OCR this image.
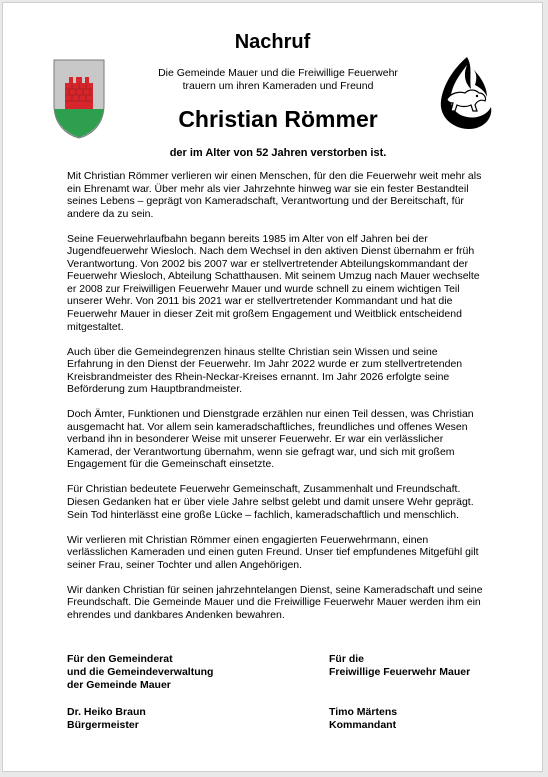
Nachruf
Die Gemeinde Mauer und die Freiwillige Feuerwehr
trauern um ihren Kameraden und Freund
Christian Römmer
der im Alter von 52 Jahren verstorben ist.

Mit Christian Römmer verlieren wir einen Menschen, für den die Feuerwehr weit mehr als ein Ehrenamt war. Über mehr als vier Jahrzehnte hinweg war sie ein fester Bestandteil seines Lebens – geprägt von Kameradschaft, Verantwortung und der Bereitschaft, für andere da zu sein.

Seine Feuerwehrlaufbahn begann bereits 1985 im Alter von elf Jahren bei der Jugendfeuerwehr Wiesloch. Nach dem Wechsel in den aktiven Dienst übernahm er früh Verantwortung. Von 2002 bis 2007 war er stellvertretender Abteilungskommandant der Feuerwehr Wiesloch, Abteilung Schatthausen. Mit seinem Umzug nach Mauer wechselte er 2008 zur Freiwilligen Feuerwehr Mauer und wurde schnell zu einem wichtigen Teil unserer Wehr. Von 2011 bis 2021 war er stellvertretender Kommandant und hat die Feuerwehr Mauer in dieser Zeit mit großem Engagement und Weitblick entscheidend mitgestaltet.

Auch über die Gemeindegrenzen hinaus stellte Christian sein Wissen und seine Erfahrung in den Dienst der Feuerwehr. Im Jahr 2022 wurde er zum stellvertretenden Kreisbrandmeister des Rhein-Neckar-Kreises ernannt. Im Jahr 2026 erfolgte seine Beförderung zum Hauptbrandmeister.

Doch Ämter, Funktionen und Dienstgrade erzählen nur einen Teil dessen, was Christian ausgemacht hat. Vor allem sein kameradschaftliches, freundliches und offenes Wesen verband ihn in besonderer Weise mit unserer Feuerwehr. Er war ein verlässlicher Kamerad, der Verantwortung übernahm, wenn sie gefragt war, und sich mit großem Engagement für die Gemeinschaft einsetzte.

Für Christian bedeutete Feuerwehr Gemeinschaft, Zusammenhalt und Freundschaft. Diesen Gedanken hat er über viele Jahre selbst gelebt und damit unsere Wehr geprägt. Sein Tod hinterlässt eine große Lücke – fachlich, kameradschaftlich und menschlich.

Wir verlieren mit Christian Römmer einen engagierten Feuerwehrmann, einen verlässlichen Kameraden und einen guten Freund. Unser tief empfundenes Mitgefühl gilt seiner Frau, seiner Tochter und allen Angehörigen.

Wir danken Christian für seinen jahrzehntelangen Dienst, seine Kameradschaft und seine Freundschaft. Die Gemeinde Mauer und die Freiwillige Feuerwehr Mauer werden ihm ein ehrendes und dankbares Andenken bewahren.

Für den Gemeinderat
und die Gemeindeverwaltung
der Gemeinde Mauer
Für die
Freiwillige Feuerwehr Mauer
Dr. Heiko Braun
Bürgermeister
Timo Märtens
Kommandant
